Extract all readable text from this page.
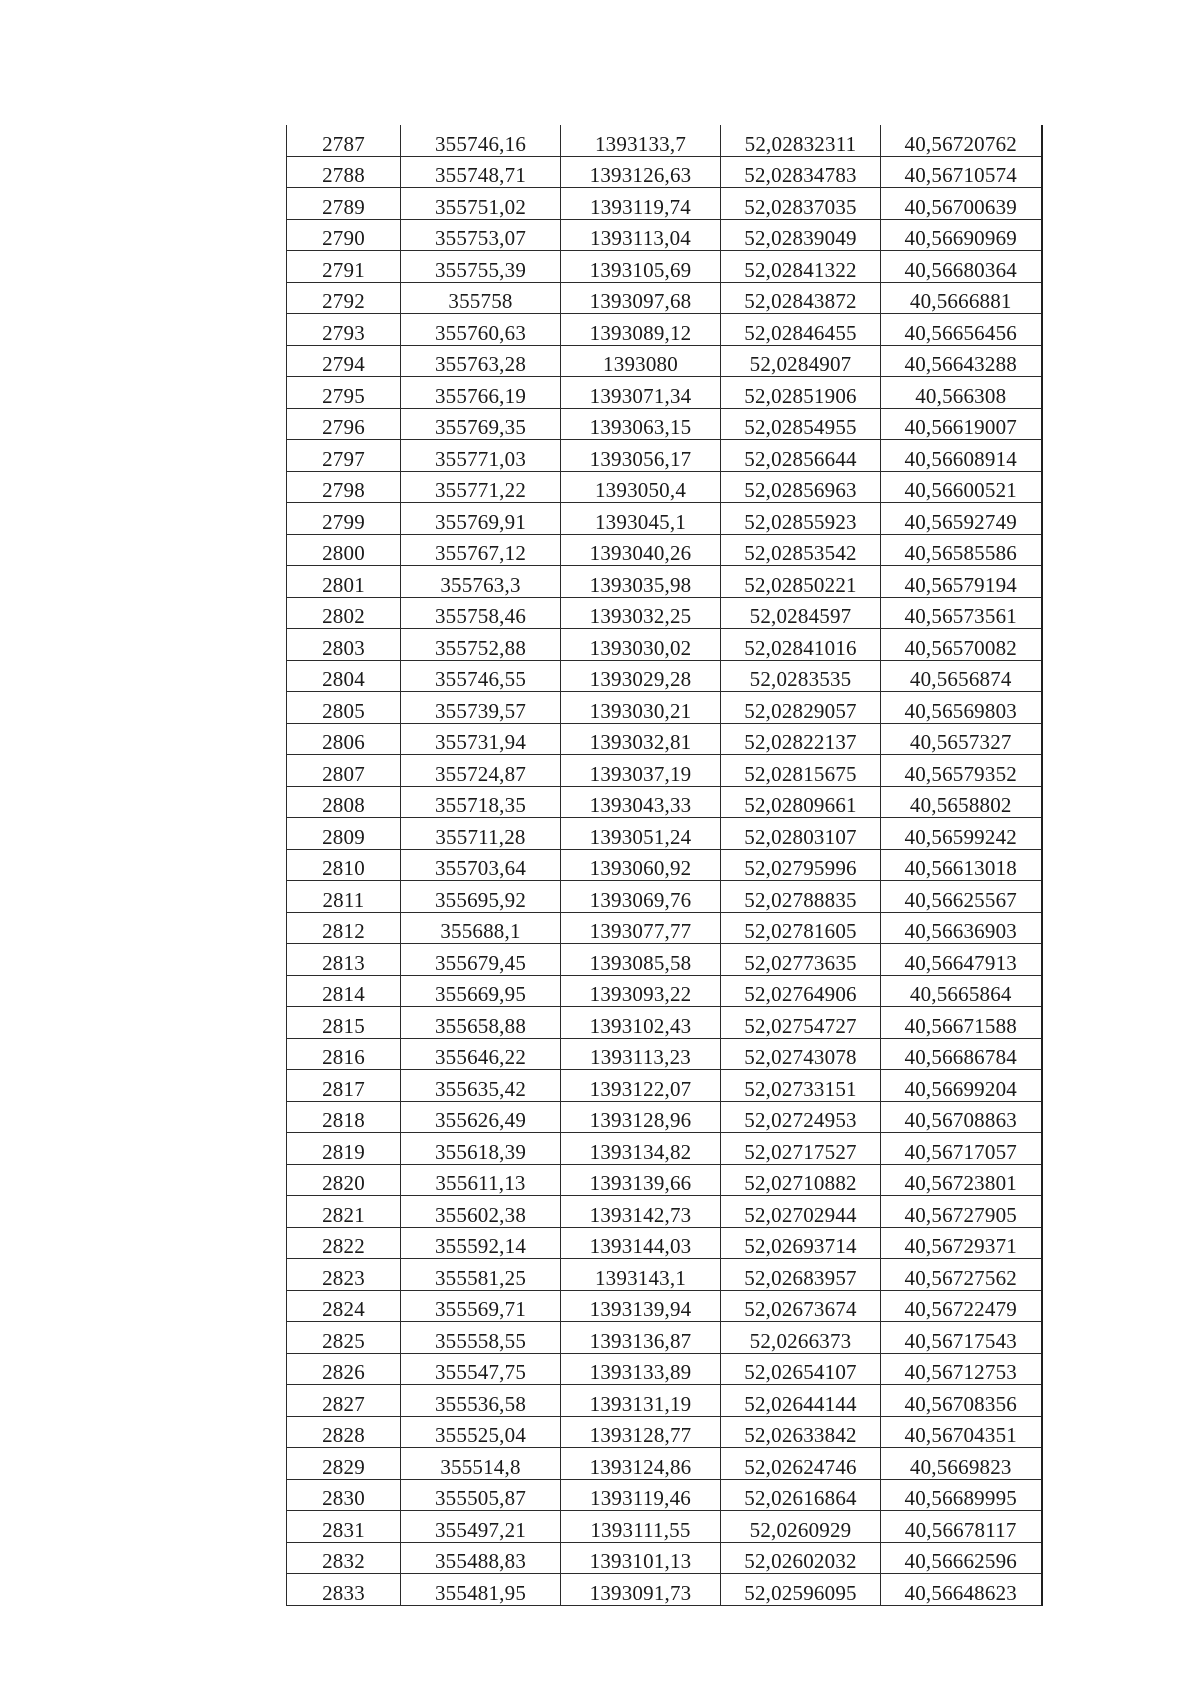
2787	355746,16	1393133,7	52,02832311	40,56720762
2788	355748,71	1393126,63	52,02834783	40,56710574
2789	355751,02	1393119,74	52,02837035	40,56700639
2790	355753,07	1393113,04	52,02839049	40,56690969
2791	355755,39	1393105,69	52,02841322	40,56680364
2792	355758	1393097,68	52,02843872	40,5666881
2793	355760,63	1393089,12	52,02846455	40,56656456
2794	355763,28	1393080	52,0284907	40,56643288
2795	355766,19	1393071,34	52,02851906	40,566308
2796	355769,35	1393063,15	52,02854955	40,56619007
2797	355771,03	1393056,17	52,02856644	40,56608914
2798	355771,22	1393050,4	52,02856963	40,56600521
2799	355769,91	1393045,1	52,02855923	40,56592749
2800	355767,12	1393040,26	52,02853542	40,56585586
2801	355763,3	1393035,98	52,02850221	40,56579194
2802	355758,46	1393032,25	52,0284597	40,56573561
2803	355752,88	1393030,02	52,02841016	40,56570082
2804	355746,55	1393029,28	52,0283535	40,5656874
2805	355739,57	1393030,21	52,02829057	40,56569803
2806	355731,94	1393032,81	52,02822137	40,5657327
2807	355724,87	1393037,19	52,02815675	40,56579352
2808	355718,35	1393043,33	52,02809661	40,5658802
2809	355711,28	1393051,24	52,02803107	40,56599242
2810	355703,64	1393060,92	52,02795996	40,56613018
2811	355695,92	1393069,76	52,02788835	40,56625567
2812	355688,1	1393077,77	52,02781605	40,56636903
2813	355679,45	1393085,58	52,02773635	40,56647913
2814	355669,95	1393093,22	52,02764906	40,5665864
2815	355658,88	1393102,43	52,02754727	40,56671588
2816	355646,22	1393113,23	52,02743078	40,56686784
2817	355635,42	1393122,07	52,02733151	40,56699204
2818	355626,49	1393128,96	52,02724953	40,56708863
2819	355618,39	1393134,82	52,02717527	40,56717057
2820	355611,13	1393139,66	52,02710882	40,56723801
2821	355602,38	1393142,73	52,02702944	40,56727905
2822	355592,14	1393144,03	52,02693714	40,56729371
2823	355581,25	1393143,1	52,02683957	40,56727562
2824	355569,71	1393139,94	52,02673674	40,56722479
2825	355558,55	1393136,87	52,0266373	40,56717543
2826	355547,75	1393133,89	52,02654107	40,56712753
2827	355536,58	1393131,19	52,02644144	40,56708356
2828	355525,04	1393128,77	52,02633842	40,56704351
2829	355514,8	1393124,86	52,02624746	40,5669823
2830	355505,87	1393119,46	52,02616864	40,56689995
2831	355497,21	1393111,55	52,0260929	40,56678117
2832	355488,83	1393101,13	52,02602032	40,56662596
2833	355481,95	1393091,73	52,02596095	40,56648623
